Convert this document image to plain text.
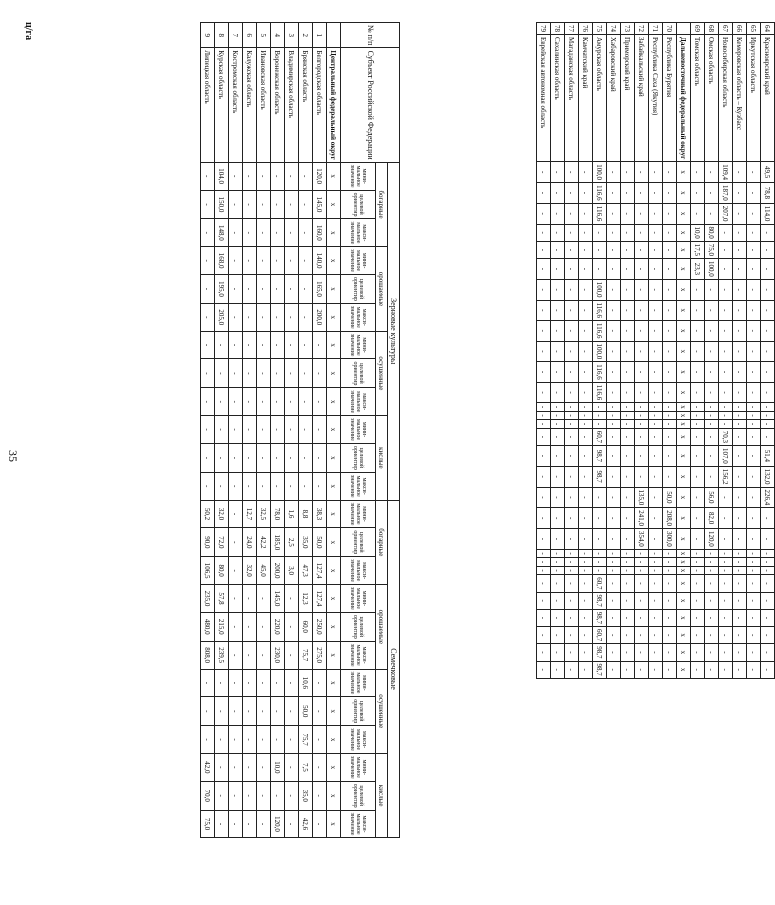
35
ц/га	64	Красноярский край	49,5	78,8	114,0	-	-	-	-	-	-	-	-	-	-	-	-	-	51,4	132,0	226,4	-	-	-	-	-	-	-	-	-	-	-
65	Иркутская область	-	-	-	-	-	-	-	-	-	-	-	-	-	-	-	-	-	-	-	-	-	-	-	-	-	-	-	-	-	-
66	Кемеровская область – Кузбасс	-	-	-	-	-	-	-	-	-	-	-	-	-	-	-	-	-	-	-	-	-	-	-	-	-	-	-	-	-	-
67	Новосибирская область	109,4	187,0	207,0	-	-	-	-	-	-	-	-	-	-	-	-	70,3	107,0	156,2	-	-	-	-	-	-	-	-	-	-	-	-
68	Омская область	-	-	-	80,0	75,0	100,0	-	-	-	-	-	-	-	-	-	-	-	-	56,0	82,0	120,0	-	-	-	-	-	-	-	-	-
69	Томская область	-	-	-	10,0	17,5	23,3	-	-	-	-	-	-	-	-	-	-	-	-	-	-	-	-	-	-	-	-	-	-	-	-
	Дальневосточный федеральный округ	х	х	х	х	х	х	х	х	х	х	х	х	х	х	х	х	х	х	х	х	х	х	х	х	х	х	х	х	х	х
70	Республика Бурятия	-	-	-	-	-	-	-	-	-	-	-	-	-	-	-	-	-	-	50,0	208,0	300,0	-	-	-	-	-	-	-	-	-
71	Республика Саха (Якутия)	-	-	-	-	-	-	-	-	-	-	-	-	-	-	-	-	-	-	-	-	-	-	-	-	-	-	-	-	-	-
72	Забайкальский край	-	-	-	-	-	-	-	-	-	-	-	-	-	-	-	-	-	-	135,0	241,0	354,0	-	-	-	-	-	-	-	-	-
73	Приморский край	-	-	-	-	-	-	-	-	-	-	-	-	-	-	-	-	-	-	-	-	-	-	-	-	-	-	-	-	-	-
74	Хабаровский край	-	-	-	-	-	-	-	-	-	-	-	-	-	-	-	-	-	-	-	-	-	-	-	-	-	-	-	-	-	-
75	Амурская область	100,0	116,6	116,6	-	-	-	100,0	116,6	116,6	100,0	116,6	116,6	-	-	-	60,7	98,7	98,7	-	-	-	-	-	-	60,7	98,7	98,7	60,7	98,7	98,7
76	Камчатский край	-	-	-	-	-	-	-	-	-	-	-	-	-	-	-	-	-	-	-	-	-	-	-	-	-	-	-	-	-	-
77	Магаданская область	-	-	-	-	-	-	-	-	-	-	-	-	-	-	-	-	-	-	-	-	-	-	-	-	-	-	-	-	-	-
78	Сахалинская область	-	-	-	-	-	-	-	-	-	-	-	-	-	-	-	-	-	-	-	-	-	-	-	-	-	-	-	-	-	-
79	Еврейская автономная область	-	-	-	-	-	-	-	-	-	-	-	-	-	-	-	-	-	-	-	-	-	-	-	-	-	-	-	-	-	-
№ п/п	Субъект Российской Федерации	Зерновые культуры												Семечковые											
		богарные			орошаемые			осушенные			кислые			богарные			орошаемые			осушенные			кислые		
		мини-мальное значение	целевой ориентир	макси-мальное значение	мини-мальное значение	целевой ориентир	макси-мальное значение	мини-мальное значение	целевой ориентир	макси-мальное значение	мини-мальное значение	целевой ориентир	макси-мальное значение	мини-мальное значение	целевой ориентир	макси-мальное значение	мини-мальное значение	целевой ориентир	макси-мальное значение	мини-мальное значение	целевой ориентир	макси-мальное значение	мини-мальное значение	целевой ориентир	макси-мальное значение
	Центральный федеральный округ	х	х	х	х	х	х	х	х	х	х	х	х	х	х	х	х	х	х	х	х	х	х	х	х
1	Белгородская область	120,0	145,0	160,0	140,0	165,0	200,0	-	-	-	-	-	-	38,3	50,0	127,4	127,4	250,0	275,0	-	-	-	-	-	-
2	Брянская область	-	-	-	-	-	-	-	-	-	-	-	-	8,8	35,0	47,3	12,3	60,0	75,7	10,6	50,0	75,7	7,5	35,0	42,6
3	Владимирская область	-	-	-	-	-	-	-	-	-	-	-	-	1,6	2,5	3,0	-	-	-	-	-	-	-	-	-
4	Воронежская область	-	-	-	-	-	-	-	-	-	-	-	-	78,0	185,0	200,0	145,0	220,0	230,0	-	-	-	10,0	-	120,0
5	Ивановская область	-	-	-	-	-	-	-	-	-	-	-	-	32,5	42,2	45,0	-	-	-	-	-	-	-	-	-
6	Калужская область	-	-	-	-	-	-	-	-	-	-	-	-	12,7	24,0	32,0	-	-	-	-	-	-	-	-	-
7	Костромская область	-	-	-	-	-	-	-	-	-	-	-	-	-	-	-	-	-	-	-	-	-	-	-	-
8	Курская область	104,0	150,0	148,0	168,0	195,0	205,0	-	-	-	-	-	-	32,0	72,0	80,0	57,8	215,0	239,5	-	-	-	-	-	-
9	Липецкая область	-	-	-	-	-	-	-	-	-	-	-	-	50,2	90,0	106,5	235,0	480,0	808,0	-	-	-	42,0	70,0	75,0
